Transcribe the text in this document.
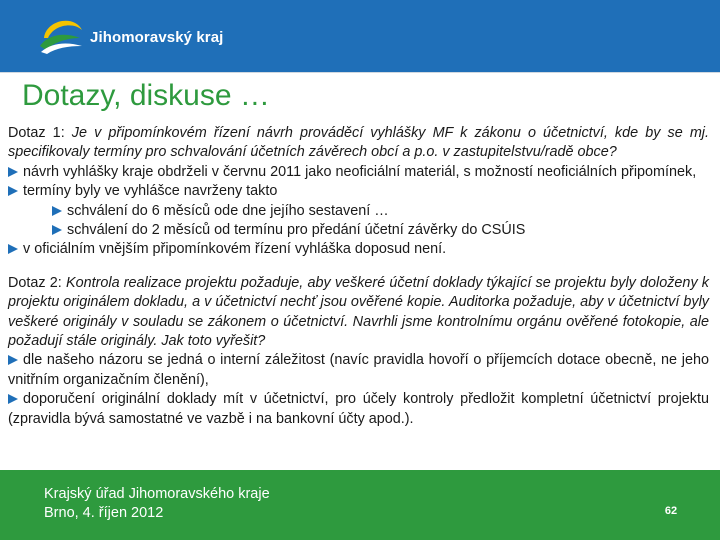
Jihomoravský kraj
Dotazy, diskuse …

Dotaz 1: Je v připomínkovém řízení návrh prováděcí vyhlášky MF k zákonu o účetnictví, kde by se mj. specifikovaly termíny pro schvalování účetních závěrech obcí a p.o. v zastupitelstvu/radě obce?

návrh vyhlášky kraje obdrželi v červnu 2011 jako neoficiální materiál, s možností neoficiálních připomínek,

termíny byly ve vyhlášce navrženy takto

schválení do 6 měsíců ode dne jejího sestavení …

schválení do 2 měsíců od termínu pro předání účetní závěrky do CSÚIS

v oficiálním vnějším připomínkovém řízení vyhláška doposud není.

Dotaz 2: Kontrola realizace projektu požaduje, aby veškeré účetní doklady týkající se projektu byly doloženy k projektu originálem dokladu, a v účetnictví nechť jsou ověřené kopie. Auditorka požaduje, aby v účetnictví byly veškeré originály v souladu se zákonem o účetnictví. Navrhli jsme kontrolnímu orgánu ověřené fotokopie, ale požadují stále originály. Jak toto vyřešit?

dle našeho názoru se jedná o interní záležitost (navíc pravidla hovoří o příjemcích dotace obecně, ne jeho vnitřním organizačním členění),

doporučení originální doklady mít v účetnictví, pro účely kontroly předložit kompletní účetnictví projektu (zpravidla bývá samostatné ve vazbě i na bankovní účty apod.).

Krajský úřad Jihomoravského kraje
Brno, 4. říjen 2012	62
